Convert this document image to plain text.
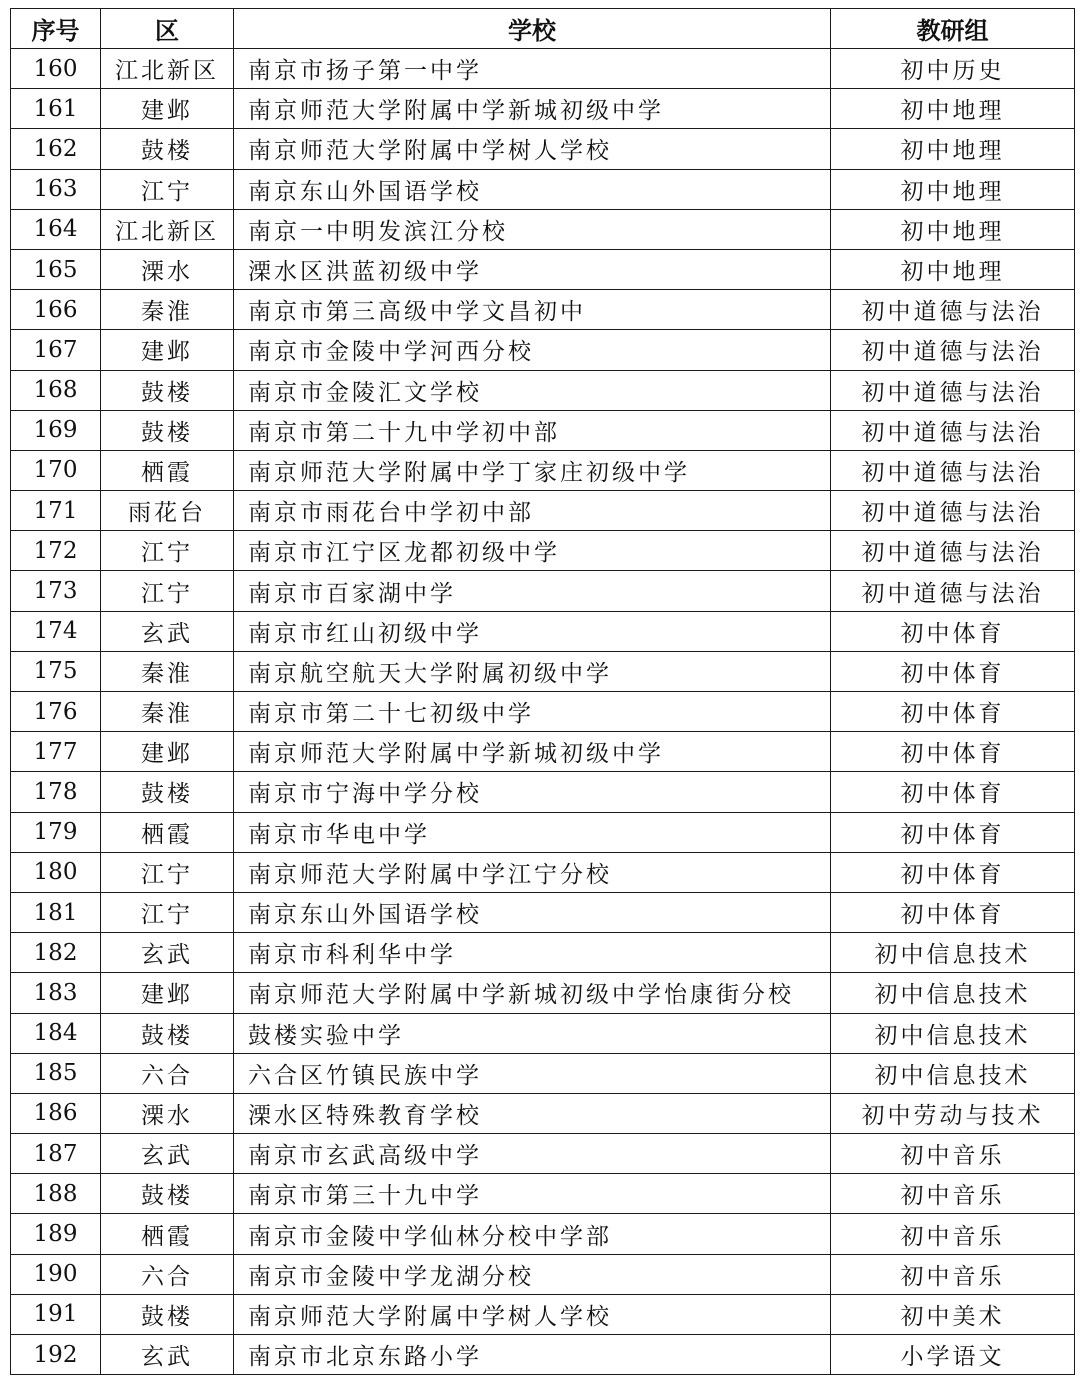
序号	区	学校	教研组
160	江北新区	南京市扬子第一中学	初中历史
161	建邺	南京师范大学附属中学新城初级中学	初中地理
162	鼓楼	南京师范大学附属中学树人学校	初中地理
163	江宁	南京东山外国语学校	初中地理
164	江北新区	南京一中明发滨江分校	初中地理
165	溧水	溧水区洪蓝初级中学	初中地理
166	秦淮	南京市第三高级中学文昌初中	初中道德与法治
167	建邺	南京市金陵中学河西分校	初中道德与法治
168	鼓楼	南京市金陵汇文学校	初中道德与法治
169	鼓楼	南京市第二十九中学初中部	初中道德与法治
170	栖霞	南京师范大学附属中学丁家庄初级中学	初中道德与法治
171	雨花台	南京市雨花台中学初中部	初中道德与法治
172	江宁	南京市江宁区龙都初级中学	初中道德与法治
173	江宁	南京市百家湖中学	初中道德与法治
174	玄武	南京市红山初级中学	初中体育
175	秦淮	南京航空航天大学附属初级中学	初中体育
176	秦淮	南京市第二十七初级中学	初中体育
177	建邺	南京师范大学附属中学新城初级中学	初中体育
178	鼓楼	南京市宁海中学分校	初中体育
179	栖霞	南京市华电中学	初中体育
180	江宁	南京师范大学附属中学江宁分校	初中体育
181	江宁	南京东山外国语学校	初中体育
182	玄武	南京市科利华中学	初中信息技术
183	建邺	南京师范大学附属中学新城初级中学怡康街分校	初中信息技术
184	鼓楼	鼓楼实验中学	初中信息技术
185	六合	六合区竹镇民族中学	初中信息技术
186	溧水	溧水区特殊教育学校	初中劳动与技术
187	玄武	南京市玄武高级中学	初中音乐
188	鼓楼	南京市第三十九中学	初中音乐
189	栖霞	南京市金陵中学仙林分校中学部	初中音乐
190	六合	南京市金陵中学龙湖分校	初中音乐
191	鼓楼	南京师范大学附属中学树人学校	初中美术
192	玄武	南京市北京东路小学	小学语文
